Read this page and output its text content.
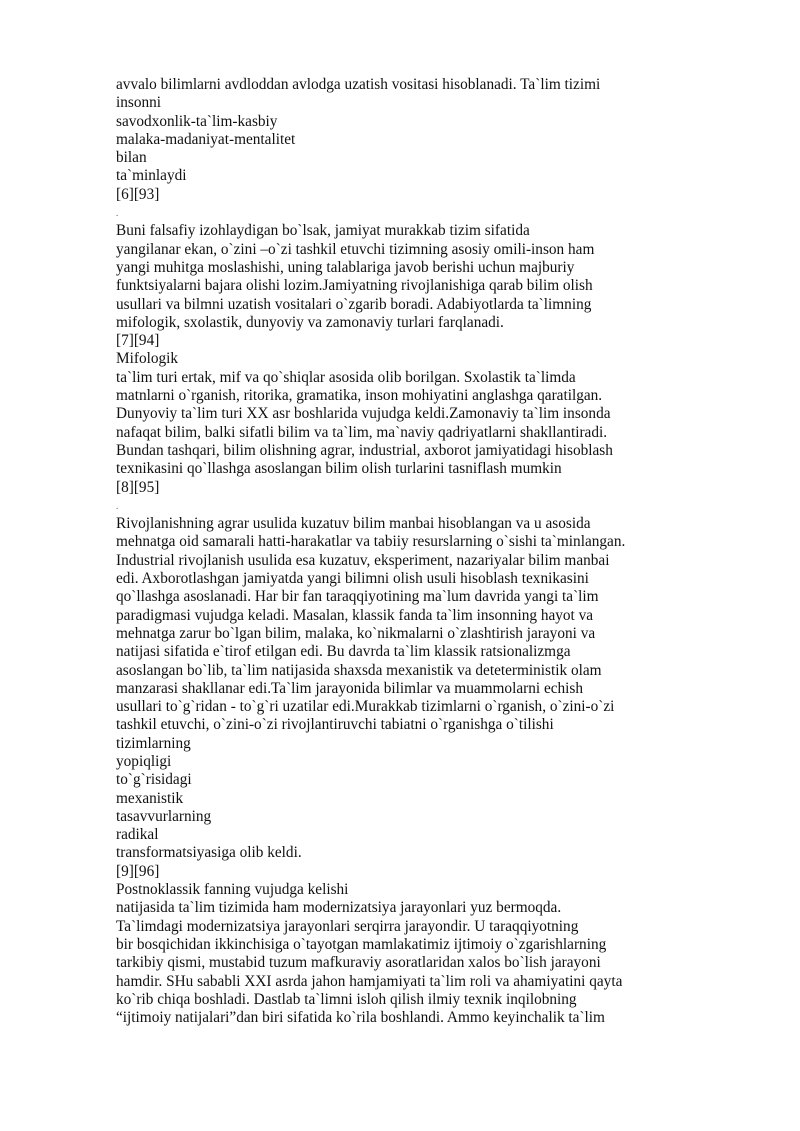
avvalo bilimlarni avdloddan avlodga uzatish vositasi hisoblanadi. Ta`lim tizimi
insonni
savodxonlik-ta`lim-kasbiy
malaka-madaniyat-mentalitet
bilan
ta`minlaydi
[6][93]
.
Buni falsafiy izohlaydigan bo`lsak, jamiyat murakkab tizim sifatida
yangilanar ekan, o`zini –o`zi tashkil etuvchi tizimning asosiy omili-inson ham
yangi muhitga moslashishi, uning talablariga javob berishi uchun majburiy
funktsiyalarni bajara olishi lozim.Jamiyatning rivojlanishiga qarab bilim olish
usullari va bilmni uzatish vositalari o`zgarib boradi. Adabiyotlarda ta`limning
mifologik, sxolastik, dunyoviy va zamonaviy turlari farqlanadi.
[7][94]
Mifologik
ta`lim turi ertak, mif va qo`shiqlar asosida olib borilgan. Sxolastik ta`limda
matnlarni o`rganish, ritorika, gramatika, inson mohiyatini anglashga qaratilgan.
Dunyoviy ta`lim turi XX asr boshlarida vujudga keldi.Zamonaviy ta`lim insonda
nafaqat bilim, balki sifatli bilim va ta`lim, ma`naviy qadriyatlarni shakllantiradi.
Bundan tashqari, bilim olishning agrar, industrial, axborot jamiyatidagi hisoblash
texnikasini qo`llashga asoslangan bilim olish turlarini tasniflash mumkin
[8][95]
.
Rivojlanishning agrar usulida kuzatuv bilim manbai hisoblangan va u asosida
mehnatga oid samarali hatti-harakatlar va tabiiy resurslarning o`sishi ta`minlangan.
Industrial rivojlanish usulida esa kuzatuv, eksperiment, nazariyalar bilim manbai
edi. Axborotlashgan jamiyatda yangi bilimni olish usuli hisoblash texnikasini
qo`llashga asoslanadi. Har bir fan taraqqiyotining ma`lum davrida yangi ta`lim
paradigmasi vujudga keladi. Masalan, klassik fanda ta`lim insonning hayot va
mehnatga zarur bo`lgan bilim, malaka, ko`nikmalarni o`zlashtirish jarayoni va
natijasi sifatida e`tirof etilgan edi. Bu davrda ta`lim klassik ratsionalizmga
asoslangan bo`lib, ta`lim natijasida shaxsda mexanistik va deteterministik olam
manzarasi shakllanar edi.Ta`lim jarayonida bilimlar va muammolarni echish
usullari to`g`ridan - to`g`ri uzatilar edi.Murakkab tizimlarni o`rganish, o`zini-o`zi
tashkil etuvchi, o`zini-o`zi rivojlantiruvchi tabiatni o`rganishga o`tilishi
tizimlarning
yopiqligi
to`g`risidagi
mexanistik
tasavvurlarning
radikal
transformatsiyasiga olib keldi.
[9][96]
Postnoklassik fanning vujudga kelishi
natijasida ta`lim tizimida ham modernizatsiya jarayonlari yuz bermoqda.
Ta`limdagi modernizatsiya jarayonlari serqirra jarayondir. U taraqqiyotning
bir bosqichidan ikkinchisiga o`tayotgan mamlakatimiz ijtimoiy o`zgarishlarning
tarkibiy qismi, mustabid tuzum mafkuraviy asoratlaridan xalos bo`lish jarayoni
hamdir. SHu sababli XXI asrda jahon hamjamiyati ta`lim roli va ahamiyatini qayta
ko`rib chiqa boshladi. Dastlab ta`limni isloh qilish ilmiy texnik inqilobning
“ijtimoiy natijalari”dan biri sifatida ko`rila boshlandi. Ammo keyinchalik ta`lim
